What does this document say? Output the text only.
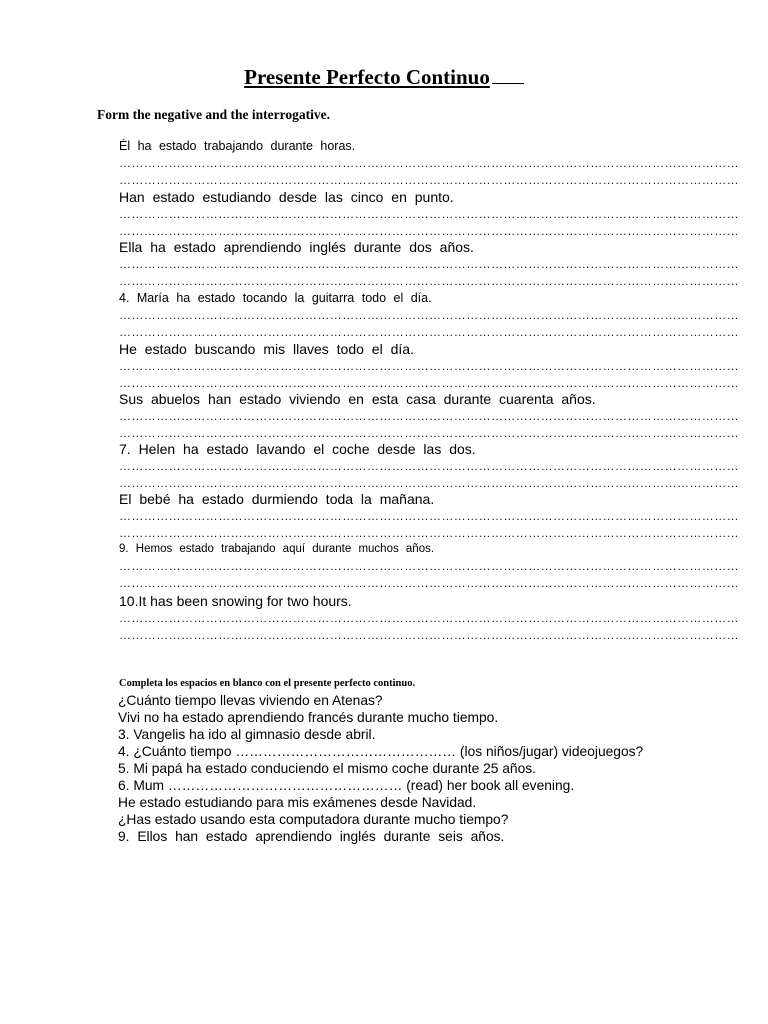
Presente Perfecto Continuo
Form the negative and the interrogative.
Él ha estado trabajando durante horas.
……………………………………………………………………………………………………………………………………
……………………………………………………………………………………………………………………………………
Han estado estudiando desde las cinco en punto.
……………………………………………………………………………………………………………………………………
……………………………………………………………………………………………………………………………………
Ella ha estado aprendiendo inglés durante dos años.
……………………………………………………………………………………………………………………………………
……………………………………………………………………………………………………………………………………
4. María ha estado tocando la guitarra todo el día.
……………………………………………………………………………………………………………………………………
……………………………………………………………………………………………………………………………………
He estado buscando mis llaves todo el día.
……………………………………………………………………………………………………………………………………
……………………………………………………………………………………………………………………………………
Sus abuelos han estado viviendo en esta casa durante cuarenta años.
……………………………………………………………………………………………………………………………………
……………………………………………………………………………………………………………………………………
7. Helen ha estado lavando el coche desde las dos.
……………………………………………………………………………………………………………………………………
……………………………………………………………………………………………………………………………………
El bebé ha estado durmiendo toda la mañana.
……………………………………………………………………………………………………………………………………
……………………………………………………………………………………………………………………………………
9. Hemos estado trabajando aquí durante muchos años.
……………………………………………………………………………………………………………………………………
……………………………………………………………………………………………………………………………………
10.It has been snowing for two hours.
……………………………………………………………………………………………………………………………………
……………………………………………………………………………………………………………………………………
Completa los espacios en blanco con el presente perfecto continuo.
¿Cuánto tiempo llevas viviendo en Atenas?
Vivi no ha estado aprendiendo francés durante mucho tiempo.
3. Vangelis ha ido al gimnasio desde abril.
4. ¿Cuánto tiempo ………………………………………… (los niños/jugar) videojuegos?
5. Mi papá ha estado conduciendo el mismo coche durante 25 años.
6. Mum …………………………………………… (read) her book all evening.
He estado estudiando para mis exámenes desde Navidad.
¿Has estado usando esta computadora durante mucho tiempo?
9. Ellos han estado aprendiendo inglés durante seis años.
